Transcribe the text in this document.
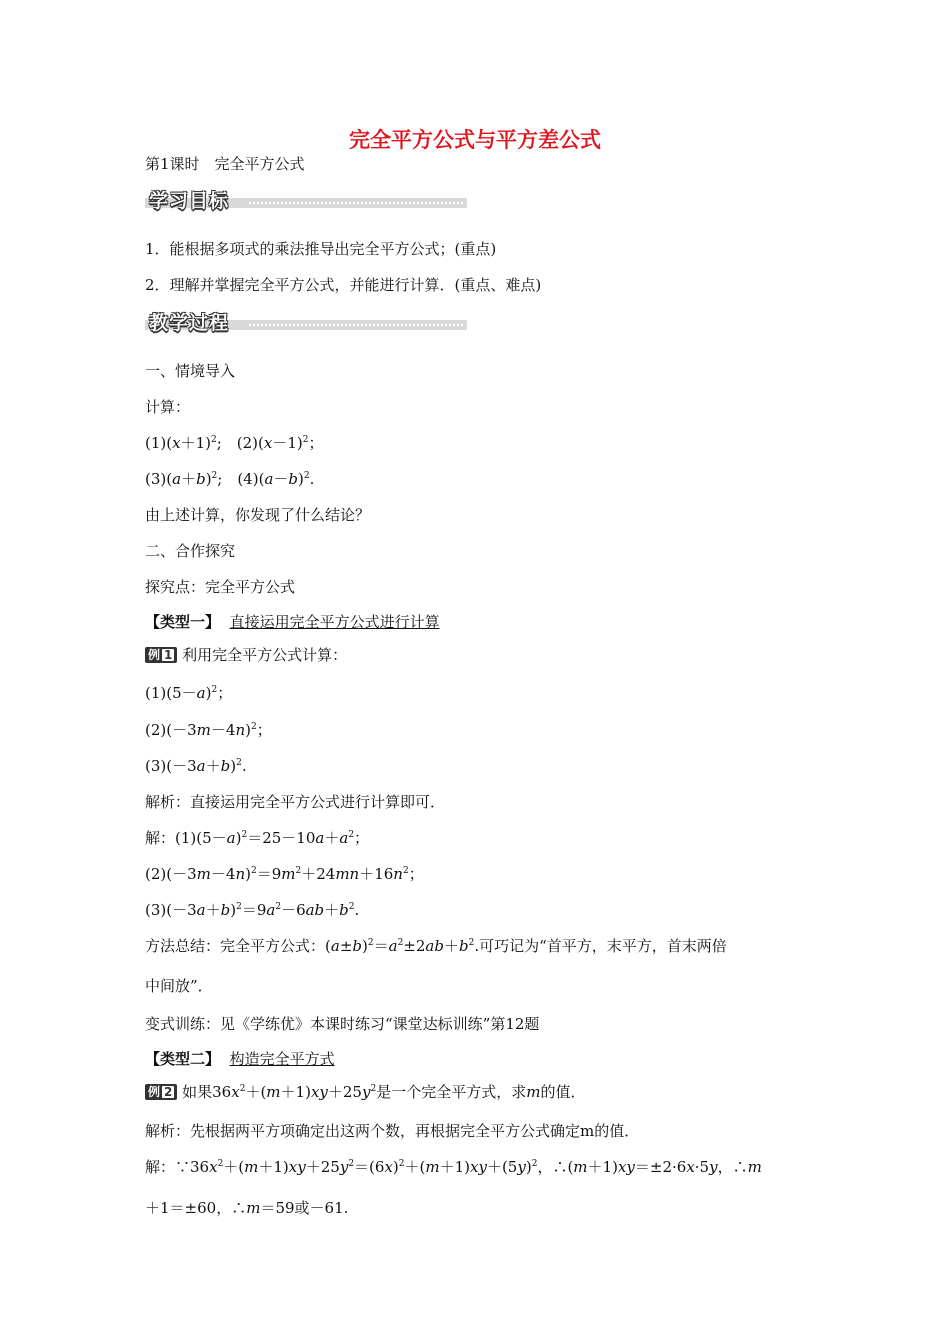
完全平方公式与平方差公式
第1课时　完全平方公式
学习目标
1．能根据多项式的乘法推导出完全平方公式；(重点)
2．理解并掌握完全平方公式，并能进行计算．(重点、难点)
教学过程
一、情境导入
计算：
$(1)(x+1)^2$;　$(2)(x-1)^2$；
$(3)(a+b)^2$;　$(4)(a-b)^2$.
由上述计算，你发现了什么结论？
二、合作探究
探究点：完全平方公式
【类型一】 直接运用完全平方公式进行计算
例 1 利用完全平方公式计算：
$(1)(5-a)^2$；
$(2)(-3m-4n)^2$；
$(3)(-3a+b)^2$.
解析：直接运用完全平方公式进行计算即可．
解：$(1)(5-a)^2=25-10a+a^2$；
$(2)(-3m-4n)^2=9m^2+24mn+16n^2$；
$(3)(-3a+b)^2=9a^2-6ab+b^2$.
方法总结：完全平方公式：$(a\pm b)^2=a^2\pm 2ab+b^2$.可巧记为“首平方，末平方，首末两倍
中间放”．
变式训练：见《学练优》本课时练习“课堂达标训练”第12题
【类型二】 构造完全平方式
例 2 如果$36x^2+(m+1)xy+25y^2$是一个完全平方式，求m的值．
解析：先根据两平方项确定出这两个数，再根据完全平方公式确定m的值．
解：$\because 36x^2+(m+1)xy+25y^2=(6x)^2+(m+1)xy+(5y)^2$，∴(m＋1)xy＝±2·6x·5y，∴m
＋1＝±60，∴m＝59或－61.
